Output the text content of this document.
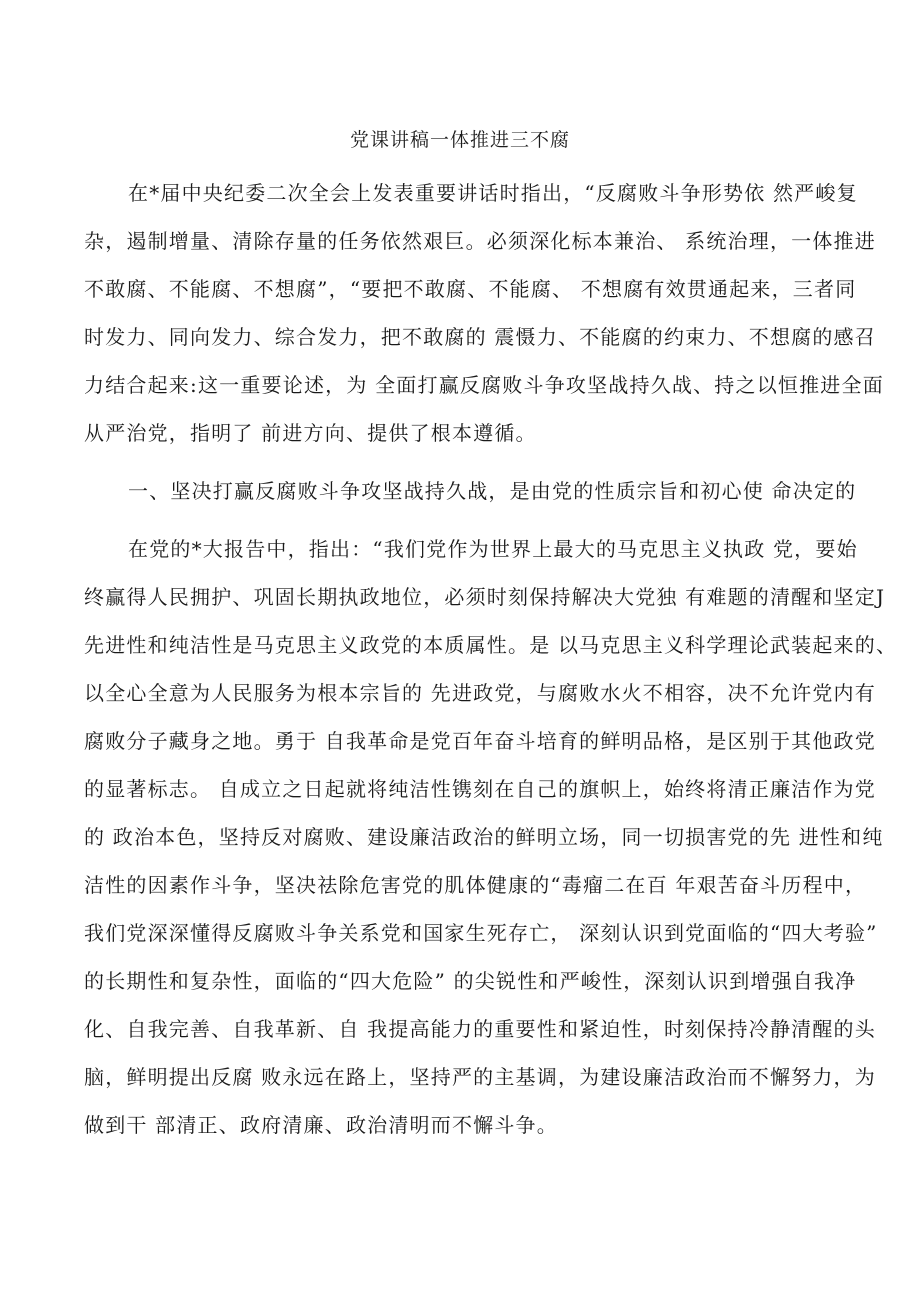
党课讲稿一体推进三不腐
在*届中央纪委二次全会上发表重要讲话时指出，“反腐败斗争形势依 然严峻复
杂，遏制增量、清除存量的任务依然艰巨。必须深化标本兼治、 系统治理，一体推进
不敢腐、不能腐、不想腐”，“要把不敢腐、不能腐、 不想腐有效贯通起来，三者同
时发力、同向发力、综合发力，把不敢腐的 震慑力、不能腐的约束力、不想腐的感召
力结合起来:这一重要论述，为 全面打赢反腐败斗争攻坚战持久战、持之以恒推进全面
从严治党，指明了 前进方向、提供了根本遵循。
一、坚决打赢反腐败斗争攻坚战持久战，是由党的性质宗旨和初心使 命决定的
在党的*大报告中，指出：“我们党作为世界上最大的马克思主义执政 党，要始
终赢得人民拥护、巩固长期执政地位，必须时刻保持解决大党独 有难题的清醒和坚定J
先进性和纯洁性是马克思主义政党的本质属性。是 以马克思主义科学理论武装起来的、
以全心全意为人民服务为根本宗旨的 先进政党，与腐败水火不相容，决不允许党内有
腐败分子藏身之地。勇于 自我革命是党百年奋斗培育的鲜明品格，是区别于其他政党
的显著标志。 自成立之日起就将纯洁性镌刻在自己的旗帜上，始终将清正廉洁作为党
的 政治本色，坚持反对腐败、建设廉洁政治的鲜明立场，同一切损害党的先 进性和纯
洁性的因素作斗争，坚决祛除危害党的肌体健康的“毒瘤二在百 年艰苦奋斗历程中，
我们党深深懂得反腐败斗争关系党和国家生死存亡， 深刻认识到党面临的“四大考验”
的长期性和复杂性，面临的“四大危险” 的尖锐性和严峻性，深刻认识到增强自我净
化、自我完善、自我革新、自 我提高能力的重要性和紧迫性，时刻保持冷静清醒的头
脑，鲜明提出反腐 败永远在路上，坚持严的主基调，为建设廉洁政治而不懈努力，为
做到干 部清正、政府清廉、政治清明而不懈斗争。
